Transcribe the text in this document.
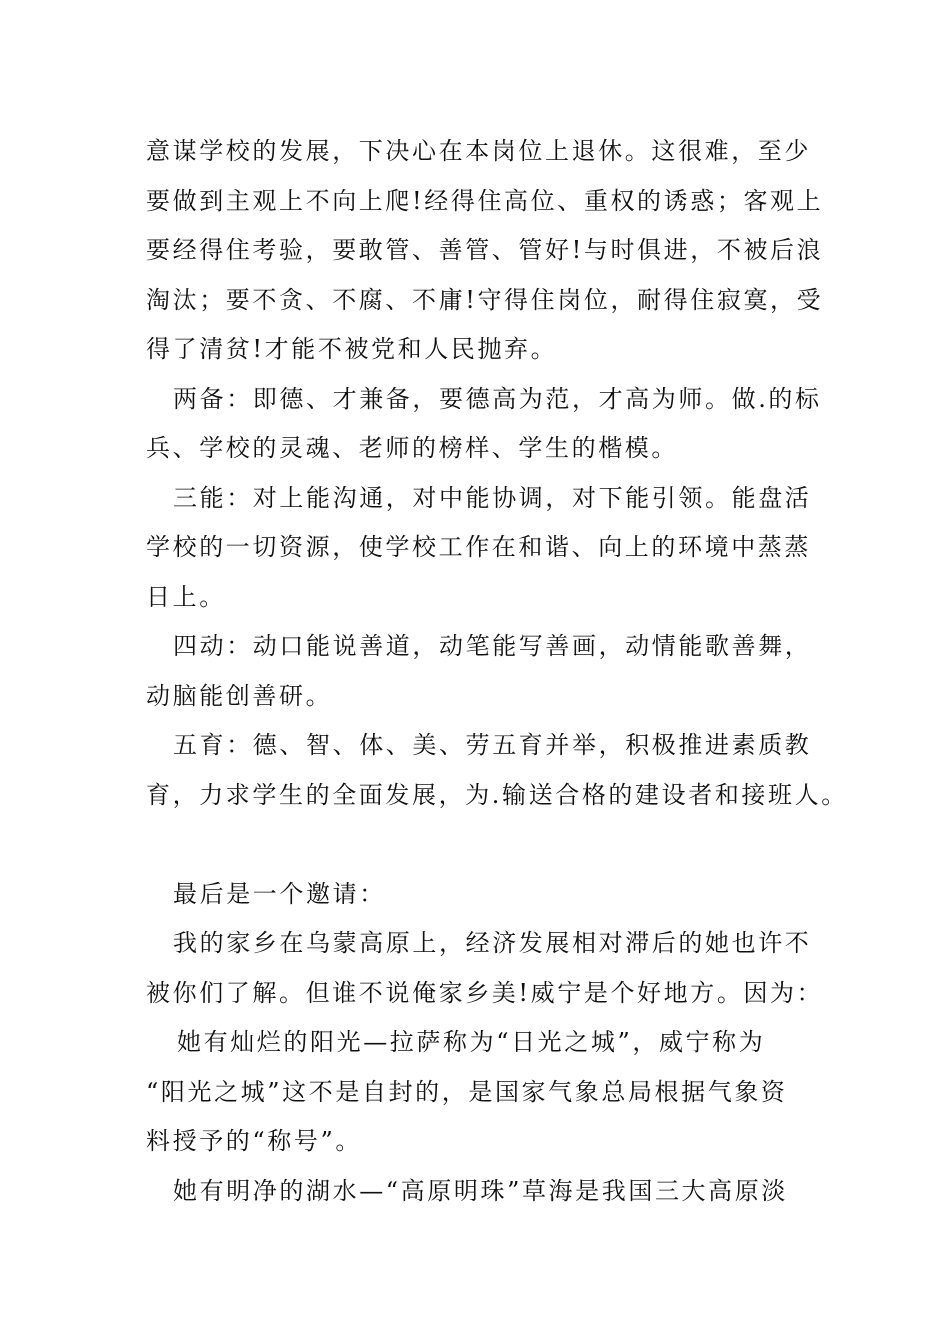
意谋学校的发展，下决心在本岗位上退休。这很难，至少
要做到主观上不向上爬!经得住高位、重权的诱惑；客观上
要经得住考验，要敢管、善管、管好!与时俱进，不被后浪
淘汰；要不贪、不腐、不庸!守得住岗位，耐得住寂寞，受
得了清贫!才能不被党和人民抛弃。
两备：即德、才兼备，要德高为范，才高为师。做.的标
兵、学校的灵魂、老师的榜样、学生的楷模。
三能：对上能沟通，对中能协调，对下能引领。能盘活
学校的一切资源，使学校工作在和谐、向上的环境中蒸蒸
日上。
四动：动口能说善道，动笔能写善画，动情能歌善舞，
动脑能创善研。
五育：德、智、体、美、劳五育并举，积极推进素质教
育，力求学生的全面发展，为.输送合格的建设者和接班人。
最后是一个邀请：
我的家乡在乌蒙高原上，经济发展相对滞后的她也许不
被你们了解。但谁不说俺家乡美!威宁是个好地方。因为：
她有灿烂的阳光—拉萨称为“日光之城”，威宁称为
“阳光之城”这不是自封的，是国家气象总局根据气象资
料授予的“称号”。
她有明净的湖水—“高原明珠”草海是我国三大高原淡
